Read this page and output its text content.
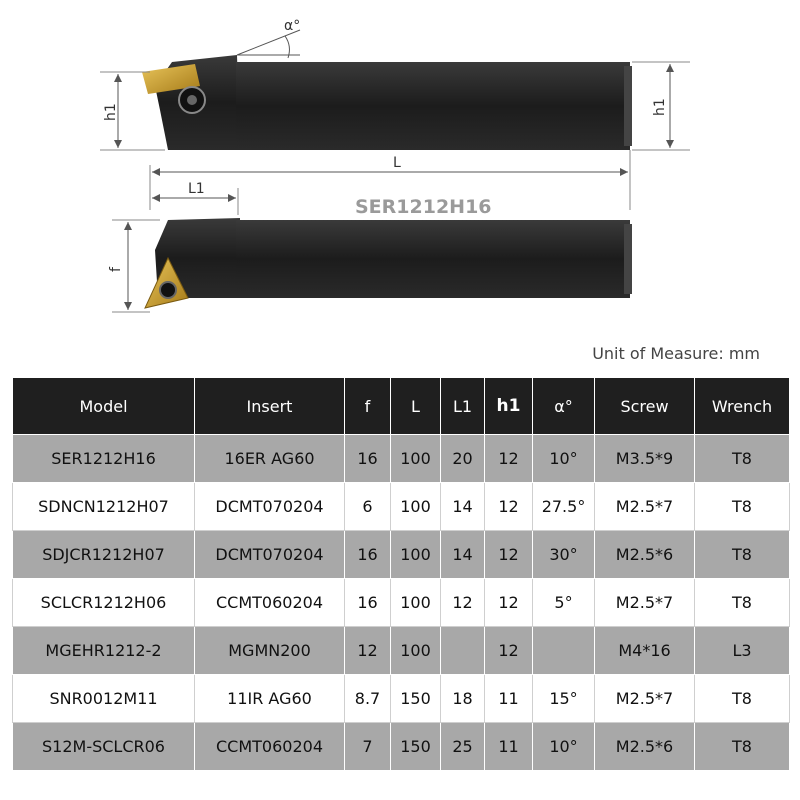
α°
h1	h1
L
L1
SER1212H16
f
Unit of Measure: mm
Model	Insert	f	L	L1	h1	α°	Screw	Wrench
SER1212H16	16ER AG60	16	100	20	12	10°	M3.5*9	T8
SDNCN1212H07	DCMT070204	6	100	14	12	27.5°	M2.5*7	T8
SDJCR1212H07	DCMT070204	16	100	14	12	30°	M2.5*6	T8
SCLCR1212H06	CCMT060204	16	100	12	12	5°	M2.5*7	T8
MGEHR1212-2	MGMN200	12	100		12		M4*16	L3
SNR0012M11	11IR AG60	8.7	150	18	11	15°	M2.5*7	T8
S12M-SCLCR06	CCMT060204	7	150	25	11	10°	M2.5*6	T8
